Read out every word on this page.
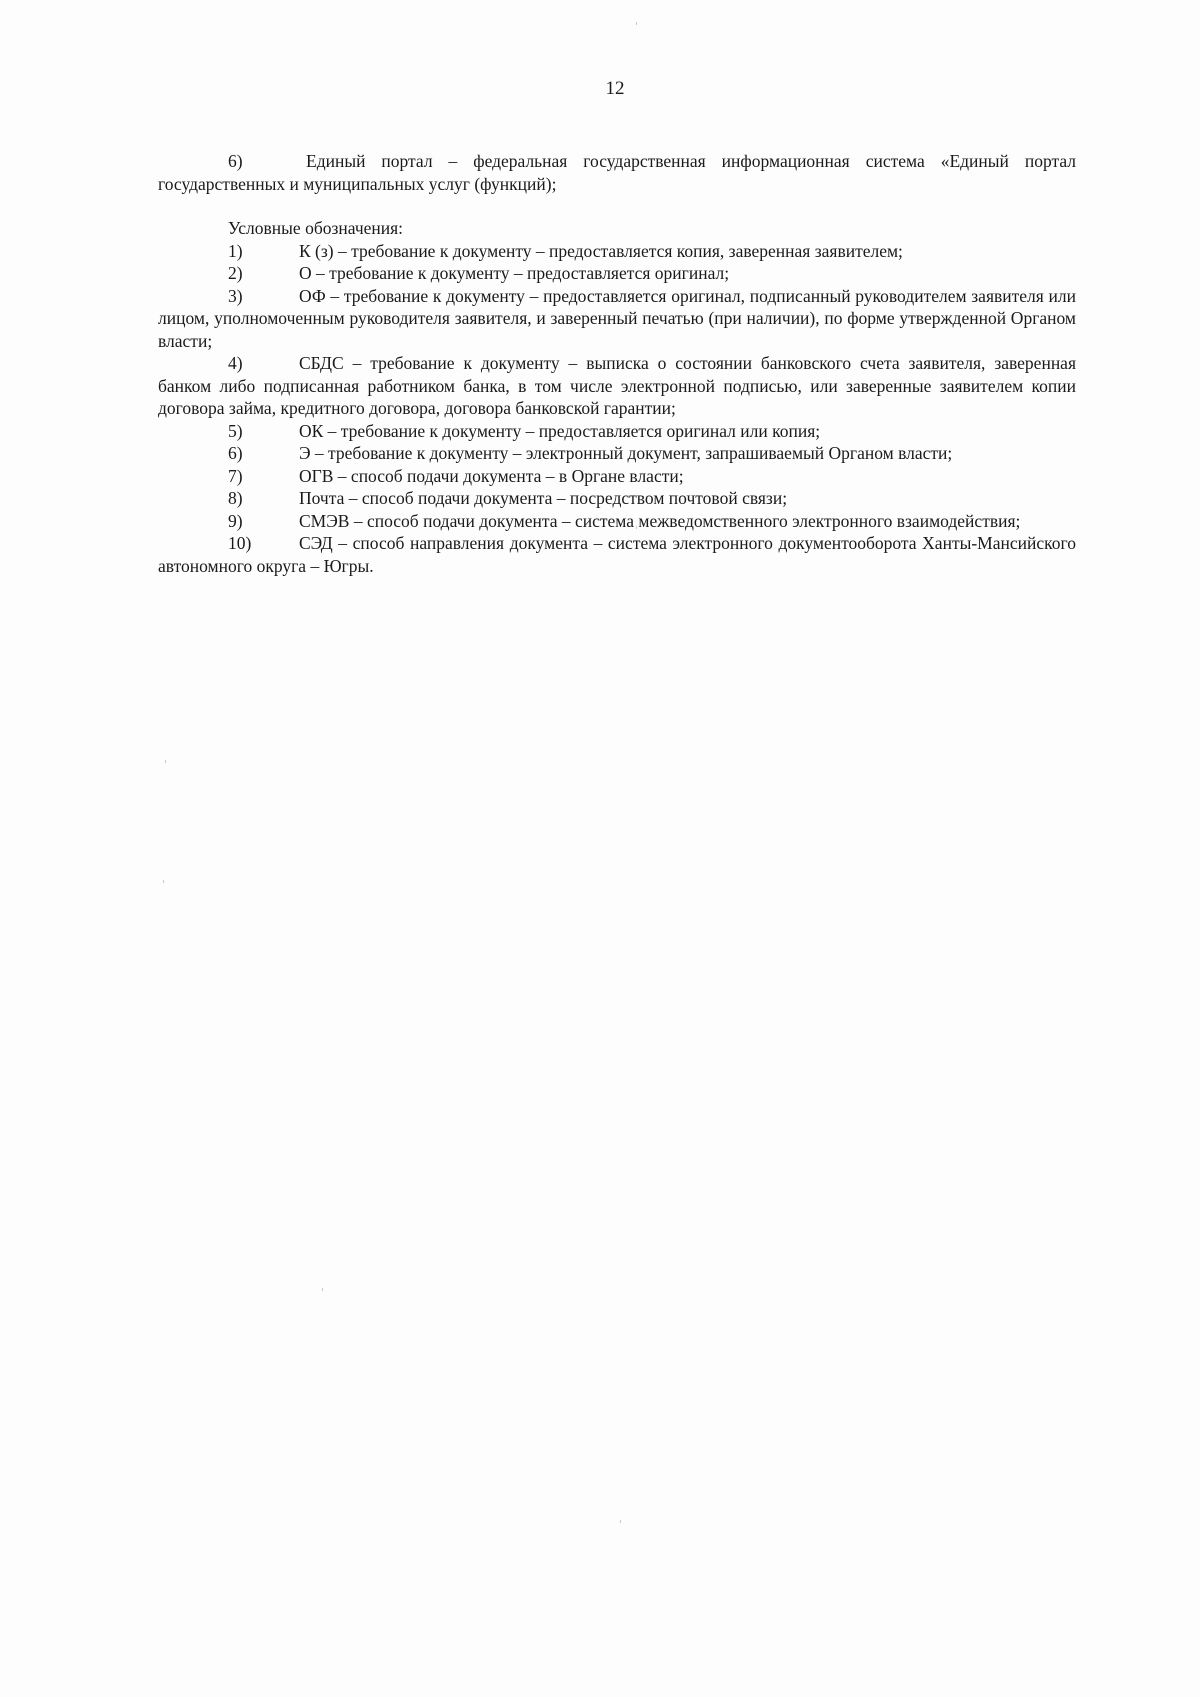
12

6)	Единый портал – федеральная государственная информационная система «Единый портал государственных и муниципальных услуг (функций);

Условные обозначения:

1)	К (з) – требование к документу – предоставляется копия, заверенная заявителем;

2)	О – требование к документу – предоставляется оригинал;

3)	ОФ – требование к документу – предоставляется оригинал, подписанный руководителем заявителя или лицом, уполномоченным руководителя заявителя, и заверенный печатью (при наличии), по форме утвержденной Органом власти;

4)	СБДС – требование к документу – выписка о состоянии банковского счета заявителя, заверенная банком либо подписанная работником банка, в том числе электронной подписью, или заверенные заявителем копии договора займа, кредитного договора, договора банковской гарантии;

5)	ОК – требование к документу – предоставляется оригинал или копия;

6)	Э – требование к документу – электронный документ, запрашиваемый Органом власти;

7)	ОГВ – способ подачи документа – в Органе власти;

8)	Почта – способ подачи документа – посредством почтовой связи;

9)	СМЭВ – способ подачи документа – система межведомственного электронного взаимодействия;

10)	СЭД – способ направления документа – система электронного документооборота Ханты-Мансийского автономного округа – Югры.
